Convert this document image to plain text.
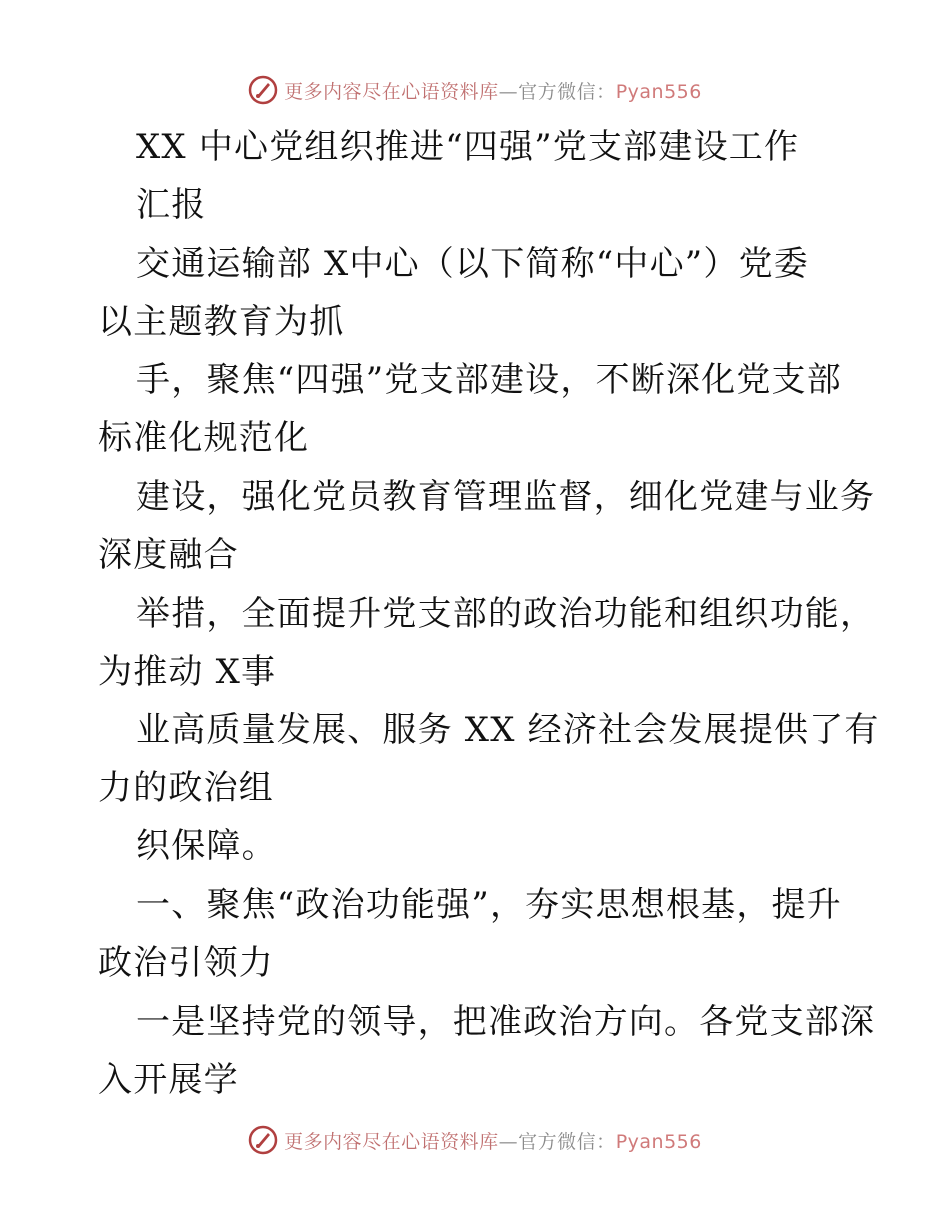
更多内容尽在心语资料库—官方微信：Pyan556
XX 中心党组织推进“四强”党支部建设工作
汇报
交通运输部 X中心（以下简称“中心”）党委
以主题教育为抓
手，聚焦“四强”党支部建设，不断深化党支部
标准化规范化
建设，强化党员教育管理监督，细化党建与业务
深度融合
举措，全面提升党支部的政治功能和组织功能，
为推动 X事
业高质量发展、服务 XX 经济社会发展提供了有
力的政治组
织保障。
一、聚焦“政治功能强”，夯实思想根基，提升
政治引领力
一是坚持党的领导，把准政治方向。各党支部深
入开展学
更多内容尽在心语资料库—官方微信：Pyan556
